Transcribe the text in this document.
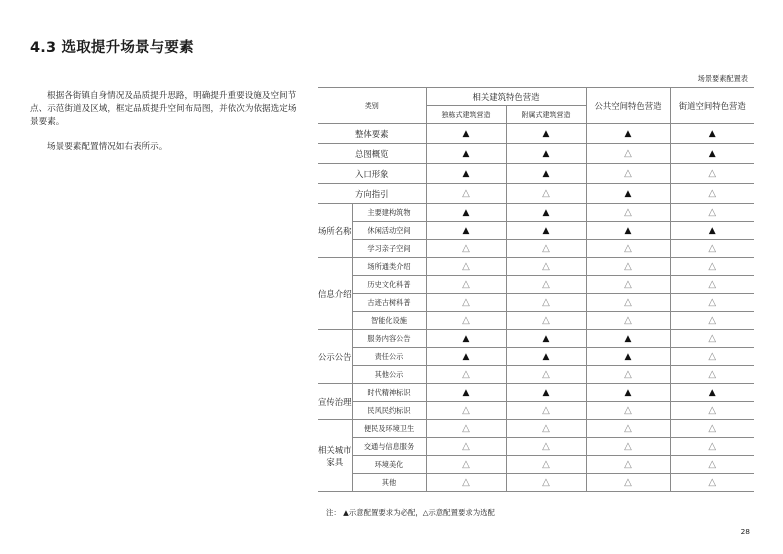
4.3 选取提升场景与要素
根据各街镇自身情况及品质提升思路，明确提升重要设施及空间节点、示范街道及区域，框定品质提升空间布局图，并依次为依据选定场景要素。
场景要素配置情况如右表所示。
场景要素配置表
类别		相关建筑特色营造		公共空间特色营造	街道空间特色营造
		独栋式建筑营造	附属式建筑营造		
整体要素		▲	▲	▲	▲
总图概览		▲	▲	△	▲
入口形象		▲	▲	△	△
方向指引		△	△	▲	△
场所名称	主要建构筑物	▲	▲	△	△
	休闲活动空间	▲	▲	▲	▲
	学习亲子空间	△	△	△	△
信息介绍	场所通类介绍	△	△	△	△
	历史文化科普	△	△	△	△
	古迹古树科普	△	△	△	△
	智能化设施	△	△	△	△
公示公告	服务内容公告	▲	▲	▲	△
	责任公示	▲	▲	▲	△
	其他公示	△	△	△	△
宣传治理	时代精神标识	▲	▲	▲	▲
	民风民约标识	△	△	△	△
相关城市家具	便民及环境卫生	△	△	△	△
	交通与信息服务	△	△	△	△
	环境美化	△	△	△	△
	其他	△	△	△	△
注： ▲示意配置要求为必配，△示意配置要求为选配
28
